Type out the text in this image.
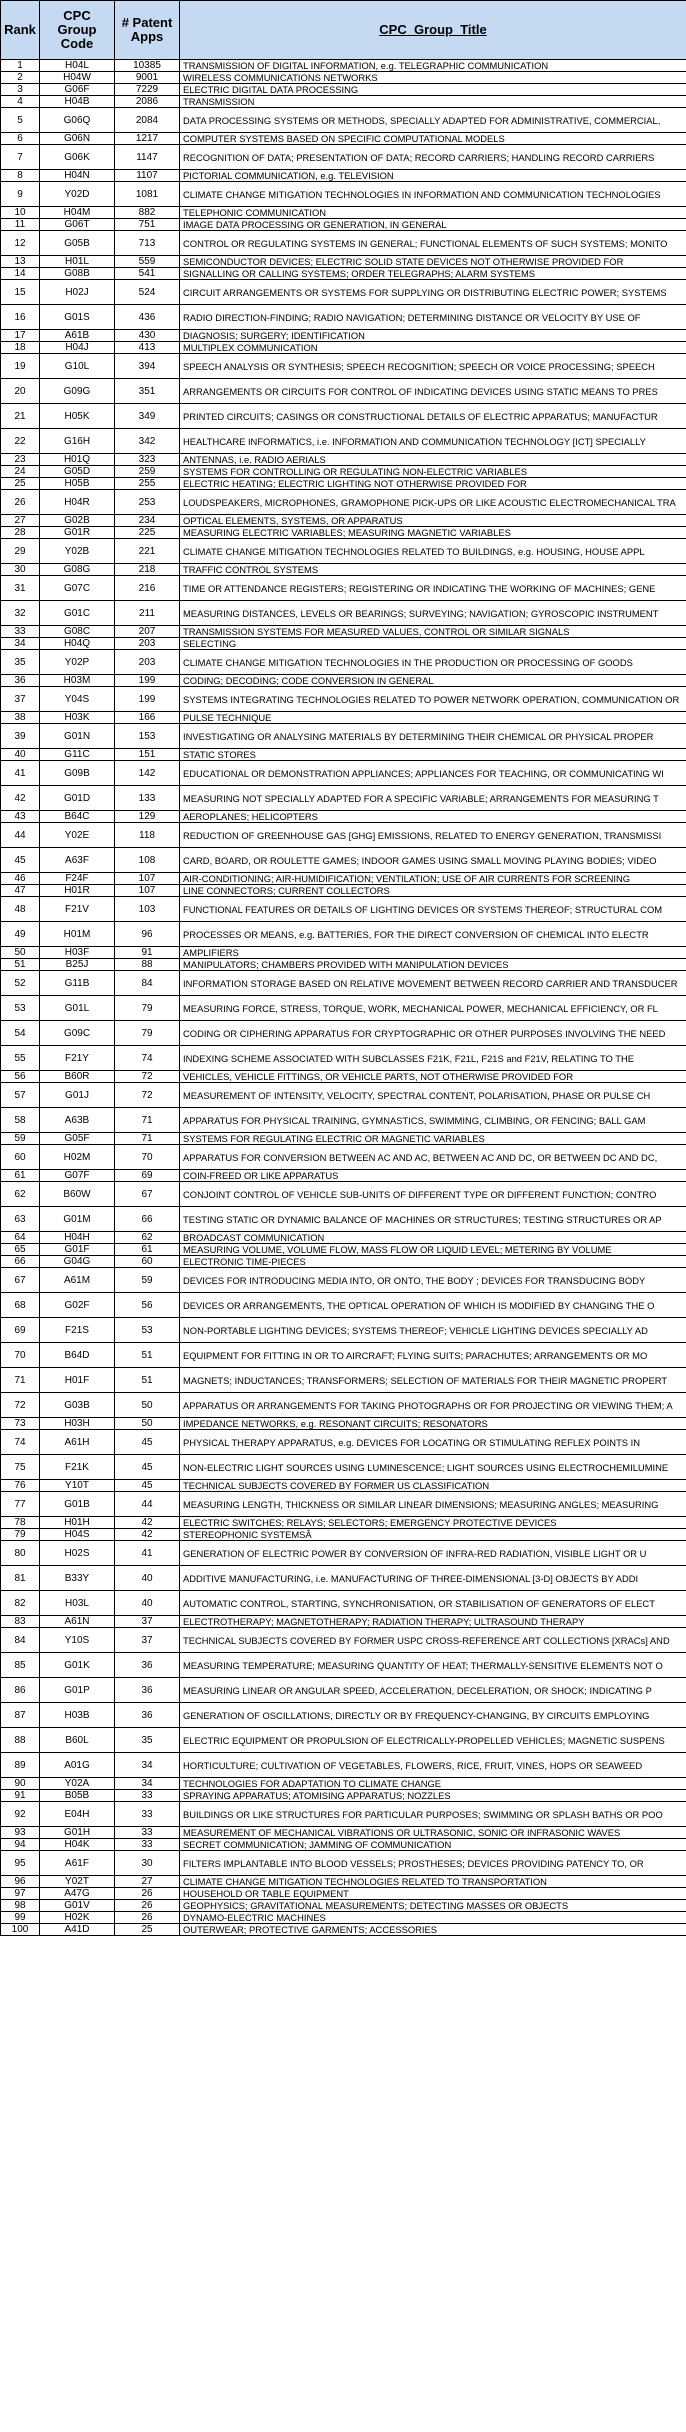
Rank	CPC Group Code	# Patent Apps	CPC_Group_Title
1	H04L	10385	TRANSMISSION OF DIGITAL INFORMATION, e.g. TELEGRAPHIC COMMUNICATION
2	H04W	9001	WIRELESS COMMUNICATIONS NETWORKS
3	G06F	7229	ELECTRIC DIGITAL DATA PROCESSING
4	H04B	2086	TRANSMISSION
5	G06Q	2084	DATA PROCESSING SYSTEMS OR METHODS, SPECIALLY ADAPTED FOR ADMINISTRATIVE, COMMERCIAL,
6	G06N	1217	COMPUTER SYSTEMS BASED ON SPECIFIC COMPUTATIONAL MODELS
7	G06K	1147	RECOGNITION OF DATA; PRESENTATION OF DATA; RECORD CARRIERS; HANDLING RECORD CARRIERS
8	H04N	1107	PICTORIAL COMMUNICATION, e.g. TELEVISION
9	Y02D	1081	CLIMATE CHANGE MITIGATION TECHNOLOGIES IN INFORMATION AND COMMUNICATION TECHNOLOGIES
10	H04M	882	TELEPHONIC COMMUNICATION
11	G06T	751	IMAGE DATA PROCESSING OR GENERATION, IN GENERAL
12	G05B	713	CONTROL OR REGULATING SYSTEMS IN GENERAL; FUNCTIONAL ELEMENTS OF SUCH SYSTEMS; MONITO
13	H01L	559	SEMICONDUCTOR DEVICES; ELECTRIC SOLID STATE DEVICES NOT OTHERWISE PROVIDED FOR
14	G08B	541	SIGNALLING OR CALLING SYSTEMS; ORDER TELEGRAPHS; ALARM SYSTEMS
15	H02J	524	CIRCUIT ARRANGEMENTS OR SYSTEMS FOR SUPPLYING OR DISTRIBUTING ELECTRIC POWER; SYSTEMS
16	G01S	436	RADIO DIRECTION-FINDING; RADIO NAVIGATION; DETERMINING DISTANCE OR VELOCITY BY USE OF
17	A61B	430	DIAGNOSIS; SURGERY; IDENTIFICATION
18	H04J	413	MULTIPLEX COMMUNICATION
19	G10L	394	SPEECH ANALYSIS OR SYNTHESIS; SPEECH RECOGNITION; SPEECH OR VOICE PROCESSING; SPEECH
20	G09G	351	ARRANGEMENTS OR CIRCUITS FOR CONTROL OF INDICATING DEVICES USING STATIC MEANS TO PRES
21	H05K	349	PRINTED CIRCUITS; CASINGS OR CONSTRUCTIONAL DETAILS OF ELECTRIC APPARATUS; MANUFACTUR
22	G16H	342	HEALTHCARE INFORMATICS, i.e. INFORMATION AND COMMUNICATION TECHNOLOGY [ICT] SPECIALLY
23	H01Q	323	ANTENNAS, i.e. RADIO AERIALS
24	G05D	259	SYSTEMS FOR CONTROLLING OR REGULATING NON-ELECTRIC VARIABLES
25	H05B	255	ELECTRIC HEATING; ELECTRIC LIGHTING NOT OTHERWISE PROVIDED FOR
26	H04R	253	LOUDSPEAKERS, MICROPHONES, GRAMOPHONE PICK-UPS OR LIKE ACOUSTIC ELECTROMECHANICAL TRA
27	G02B	234	OPTICAL ELEMENTS, SYSTEMS, OR APPARATUS
28	G01R	225	MEASURING ELECTRIC VARIABLES; MEASURING MAGNETIC VARIABLES
29	Y02B	221	CLIMATE CHANGE MITIGATION TECHNOLOGIES RELATED TO BUILDINGS, e.g. HOUSING, HOUSE APPL
30	G08G	218	TRAFFIC CONTROL SYSTEMS
31	G07C	216	TIME OR ATTENDANCE REGISTERS; REGISTERING OR INDICATING THE WORKING OF MACHINES; GENE
32	G01C	211	MEASURING DISTANCES, LEVELS OR BEARINGS; SURVEYING; NAVIGATION; GYROSCOPIC INSTRUMENT
33	G08C	207	TRANSMISSION SYSTEMS FOR MEASURED VALUES, CONTROL OR SIMILAR SIGNALS
34	H04Q	203	SELECTING
35	Y02P	203	CLIMATE CHANGE MITIGATION TECHNOLOGIES IN THE PRODUCTION OR PROCESSING OF GOODS
36	H03M	199	CODING; DECODING; CODE CONVERSION IN GENERAL
37	Y04S	199	SYSTEMS INTEGRATING TECHNOLOGIES RELATED TO POWER NETWORK OPERATION, COMMUNICATION OR
38	H03K	166	PULSE TECHNIQUE
39	G01N	153	INVESTIGATING OR ANALYSING MATERIALS BY DETERMINING THEIR CHEMICAL OR PHYSICAL PROPER
40	G11C	151	STATIC STORES
41	G09B	142	EDUCATIONAL OR DEMONSTRATION APPLIANCES; APPLIANCES FOR TEACHING, OR COMMUNICATING WI
42	G01D	133	MEASURING NOT SPECIALLY ADAPTED FOR A SPECIFIC VARIABLE; ARRANGEMENTS FOR MEASURING T
43	B64C	129	AEROPLANES; HELICOPTERS
44	Y02E	118	REDUCTION OF GREENHOUSE GAS [GHG] EMISSIONS, RELATED TO ENERGY GENERATION, TRANSMISSI
45	A63F	108	CARD, BOARD, OR ROULETTE GAMES; INDOOR GAMES USING SMALL MOVING PLAYING BODIES; VIDEO
46	F24F	107	AIR-CONDITIONING; AIR-HUMIDIFICATION; VENTILATION; USE OF AIR CURRENTS FOR SCREENING
47	H01R	107	LINE CONNECTORS; CURRENT COLLECTORS
48	F21V	103	FUNCTIONAL FEATURES OR DETAILS OF LIGHTING DEVICES OR SYSTEMS THEREOF; STRUCTURAL COM
49	H01M	96	PROCESSES OR MEANS, e.g. BATTERIES, FOR THE DIRECT CONVERSION OF CHEMICAL INTO ELECTR
50	H03F	91	AMPLIFIERS
51	B25J	88	MANIPULATORS; CHAMBERS PROVIDED WITH MANIPULATION DEVICES
52	G11B	84	INFORMATION STORAGE BASED ON RELATIVE MOVEMENT BETWEEN RECORD CARRIER AND TRANSDUCER
53	G01L	79	MEASURING FORCE, STRESS, TORQUE, WORK, MECHANICAL POWER, MECHANICAL EFFICIENCY, OR FL
54	G09C	79	CODING OR CIPHERING APPARATUS FOR CRYPTOGRAPHIC OR OTHER PURPOSES INVOLVING THE NEED
55	F21Y	74	INDEXING SCHEME ASSOCIATED WITH SUBCLASSES F21K, F21L, F21S and F21V, RELATING TO THE
56	B60R	72	VEHICLES, VEHICLE FITTINGS, OR VEHICLE PARTS, NOT OTHERWISE PROVIDED FOR
57	G01J	72	MEASUREMENT OF INTENSITY, VELOCITY, SPECTRAL CONTENT, POLARISATION, PHASE OR PULSE CH
58	A63B	71	APPARATUS FOR PHYSICAL TRAINING, GYMNASTICS, SWIMMING, CLIMBING, OR FENCING; BALL GAM
59	G05F	71	SYSTEMS FOR REGULATING ELECTRIC OR MAGNETIC VARIABLES
60	H02M	70	APPARATUS FOR CONVERSION BETWEEN AC AND AC, BETWEEN AC AND DC, OR BETWEEN DC AND DC,
61	G07F	69	COIN-FREED OR LIKE APPARATUS
62	B60W	67	CONJOINT CONTROL OF VEHICLE SUB-UNITS OF DIFFERENT TYPE OR DIFFERENT FUNCTION; CONTRO
63	G01M	66	TESTING STATIC OR DYNAMIC BALANCE OF MACHINES OR STRUCTURES; TESTING STRUCTURES OR AP
64	H04H	62	BROADCAST COMMUNICATION
65	G01F	61	MEASURING VOLUME, VOLUME FLOW, MASS FLOW OR LIQUID LEVEL; METERING BY VOLUME
66	G04G	60	ELECTRONIC TIME-PIECES
67	A61M	59	DEVICES FOR INTRODUCING MEDIA INTO, OR ONTO, THE BODY ; DEVICES FOR TRANSDUCING BODY
68	G02F	56	DEVICES OR ARRANGEMENTS, THE OPTICAL OPERATION OF WHICH IS MODIFIED BY CHANGING THE O
69	F21S	53	NON-PORTABLE LIGHTING DEVICES; SYSTEMS THEREOF; VEHICLE LIGHTING DEVICES SPECIALLY AD
70	B64D	51	EQUIPMENT FOR FITTING IN OR TO AIRCRAFT; FLYING SUITS; PARACHUTES; ARRANGEMENTS OR MO
71	H01F	51	MAGNETS; INDUCTANCES; TRANSFORMERS; SELECTION OF MATERIALS FOR THEIR MAGNETIC PROPERT
72	G03B	50	APPARATUS OR ARRANGEMENTS FOR TAKING PHOTOGRAPHS OR FOR PROJECTING OR VIEWING THEM; A
73	H03H	50	IMPEDANCE NETWORKS, e.g. RESONANT CIRCUITS; RESONATORS
74	A61H	45	PHYSICAL THERAPY APPARATUS, e.g. DEVICES FOR LOCATING OR STIMULATING REFLEX POINTS IN
75	F21K	45	NON-ELECTRIC LIGHT SOURCES USING LUMINESCENCE; LIGHT SOURCES USING ELECTROCHEMILUMINE
76	Y10T	45	TECHNICAL SUBJECTS COVERED BY FORMER US CLASSIFICATION
77	G01B	44	MEASURING LENGTH, THICKNESS OR SIMILAR LINEAR DIMENSIONS; MEASURING ANGLES; MEASURING
78	H01H	42	ELECTRIC SWITCHES; RELAYS; SELECTORS; EMERGENCY PROTECTIVE DEVICES
79	H04S	42	STEREOPHONIC SYSTEMSÂ
80	H02S	41	GENERATION OF ELECTRIC POWER BY CONVERSION OF INFRA-RED RADIATION, VISIBLE LIGHT OR U
81	B33Y	40	ADDITIVE MANUFACTURING, i.e. MANUFACTURING OF THREE-DIMENSIONAL [3-D] OBJECTS BY ADDI
82	H03L	40	AUTOMATIC CONTROL, STARTING, SYNCHRONISATION, OR STABILISATION OF GENERATORS OF ELECT
83	A61N	37	ELECTROTHERAPY; MAGNETOTHERAPY; RADIATION THERAPY; ULTRASOUND THERAPY
84	Y10S	37	TECHNICAL SUBJECTS COVERED BY FORMER USPC CROSS-REFERENCE ART COLLECTIONS [XRACs] AND
85	G01K	36	MEASURING TEMPERATURE; MEASURING QUANTITY OF HEAT; THERMALLY-SENSITIVE ELEMENTS NOT O
86	G01P	36	MEASURING LINEAR OR ANGULAR SPEED, ACCELERATION, DECELERATION, OR SHOCK; INDICATING P
87	H03B	36	GENERATION OF OSCILLATIONS, DIRECTLY OR BY FREQUENCY-CHANGING, BY CIRCUITS EMPLOYING
88	B60L	35	ELECTRIC EQUIPMENT OR PROPULSION OF ELECTRICALLY-PROPELLED VEHICLES; MAGNETIC SUSPENS
89	A01G	34	HORTICULTURE; CULTIVATION OF VEGETABLES, FLOWERS, RICE, FRUIT, VINES, HOPS OR SEAWEED
90	Y02A	34	TECHNOLOGIES FOR ADAPTATION TO CLIMATE CHANGE
91	B05B	33	SPRAYING APPARATUS; ATOMISING APPARATUS; NOZZLES
92	E04H	33	BUILDINGS OR LIKE STRUCTURES FOR PARTICULAR PURPOSES; SWIMMING OR SPLASH BATHS OR POO
93	G01H	33	MEASUREMENT OF MECHANICAL VIBRATIONS OR ULTRASONIC, SONIC OR INFRASONIC WAVES
94	H04K	33	SECRET COMMUNICATION; JAMMING OF COMMUNICATION
95	A61F	30	FILTERS IMPLANTABLE INTO BLOOD VESSELS; PROSTHESES; DEVICES PROVIDING PATENCY TO, OR
96	Y02T	27	CLIMATE CHANGE MITIGATION TECHNOLOGIES RELATED TO TRANSPORTATION
97	A47G	26	HOUSEHOLD OR TABLE EQUIPMENT
98	G01V	26	GEOPHYSICS; GRAVITATIONAL MEASUREMENTS; DETECTING MASSES OR OBJECTS
99	H02K	26	DYNAMO-ELECTRIC MACHINES
100	A41D	25	OUTERWEAR; PROTECTIVE GARMENTS; ACCESSORIES
